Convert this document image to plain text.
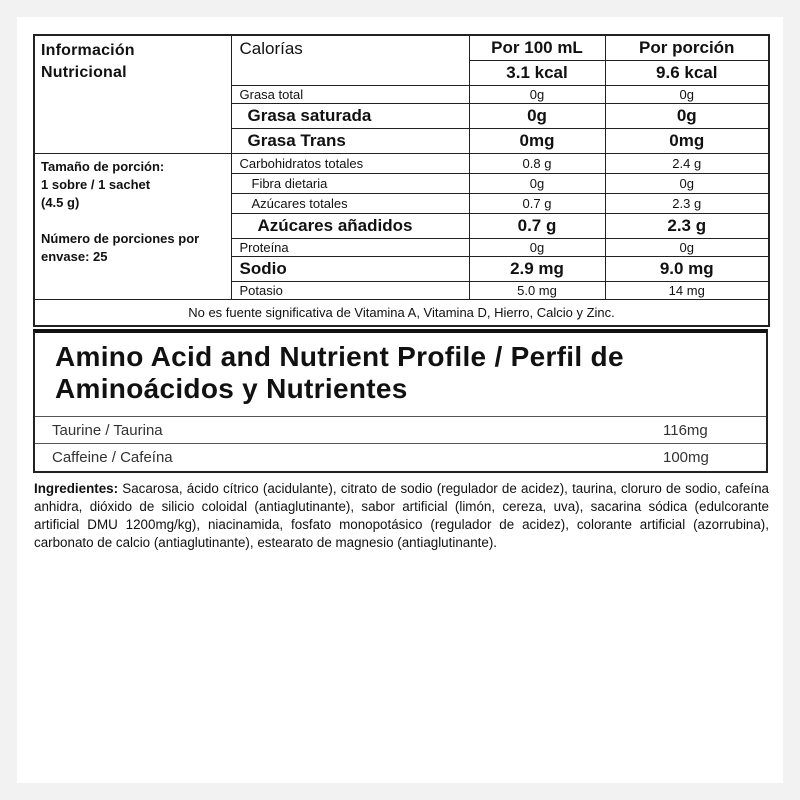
Información Nutricional	Calorías	Por 100 mL	Por porción
		3.1 kcal	9.6 kcal
	Grasa total	0g	0g
	Grasa saturada	0g	0g
	Grasa Trans	0mg	0mg

Tamaño de porción:
1 sobre / 1 sachet
(4.5 g)
Número de porciones por envase: 25	Carbohidratos totales	0.8 g	2.4 g
	Fibra dietaria	0g	0g
	Azúcares totales	0.7 g	2.3 g
	Azúcares añadidos	0.7 g	2.3 g
	Proteína	0g	0g
	Sodio	2.9 mg	9.0 mg
	Potasio	5.0 mg	14 mg
No es fuente significativa de Vitamina A, Vitamina D, Hierro, Calcio y Zinc.			
Amino Acid and Nutrient Profile / Perfil de
Aminoácidos y Nutrientes
Taurine / Taurina	116mg
Caffeine / Cafeína	100mg
Ingredientes: Sacarosa, ácido cítrico (acidulante), citrato de sodio (regulador de acidez), taurina, cloruro de sodio, cafeína anhidra, dióxido de silicio coloidal (antiaglutinante), sabor artificial (limón, cereza, uva), sacarina sódica (edulcorante artificial DMU 1200mg/kg), niacinamida, fosfato monopotásico (regulador de acidez), colorante artificial (azorrubina), carbonato de calcio (antiaglutinante), estearato de magnesio (antiaglutinante).
